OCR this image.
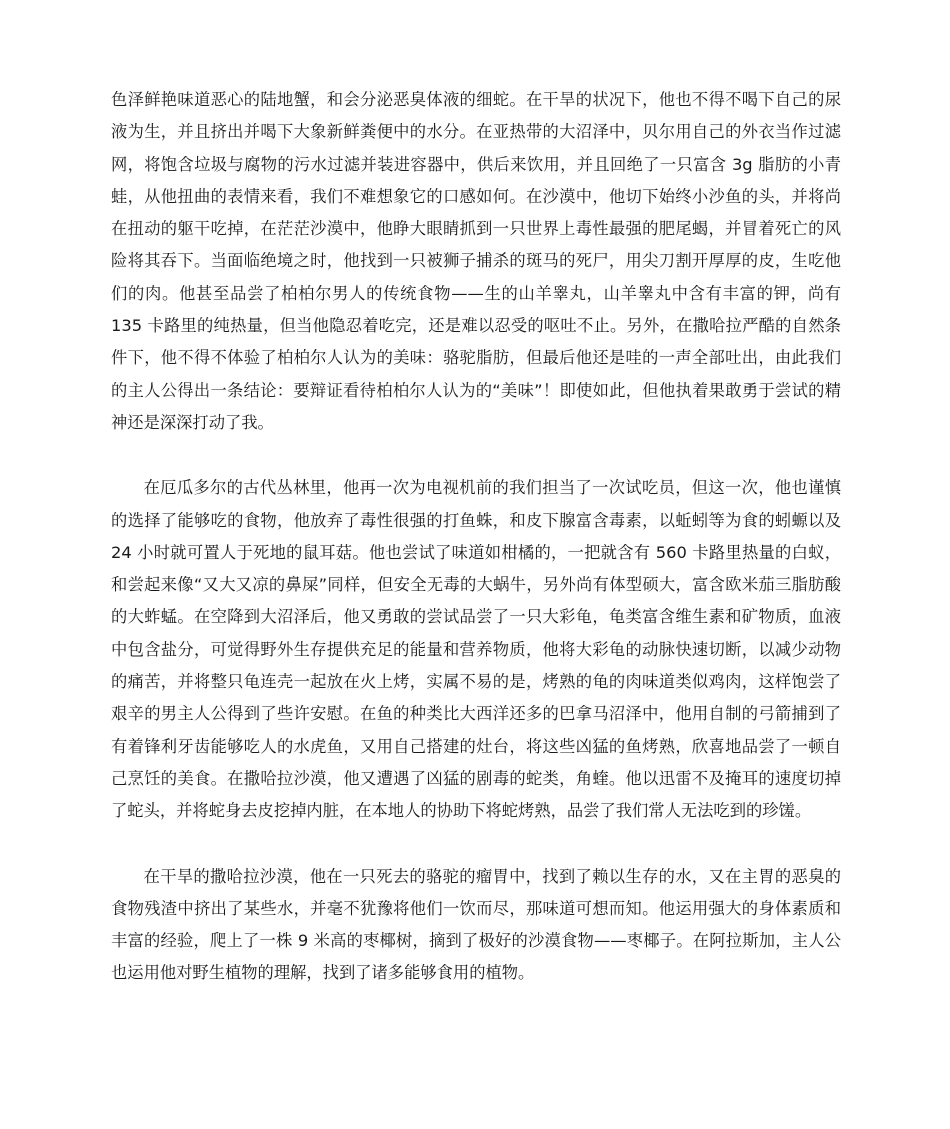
色泽鲜艳味道恶心的陆地蟹，和会分泌恶臭体液的细蛇。在干旱的状况下，他也不得不喝下自己的尿液为生，并且挤出并喝下大象新鲜粪便中的水分。在亚热带的大沼泽中，贝尔用自己的外衣当作过滤网，将饱含垃圾与腐物的污水过滤并装进容器中，供后来饮用，并且回绝了一只富含 3g 脂肪的小青蛙，从他扭曲的表情来看，我们不难想象它的口感如何。在沙漠中，他切下始终小沙鱼的头，并将尚在扭动的躯干吃掉，在茫茫沙漠中，他睁大眼睛抓到一只世界上毒性最强的肥尾蝎，并冒着死亡的风险将其吞下。当面临绝境之时，他找到一只被狮子捕杀的斑马的死尸，用尖刀割开厚厚的皮，生吃他们的肉。他甚至品尝了柏柏尔男人的传统食物——生的山羊睾丸，山羊睾丸中含有丰富的钾，尚有 135 卡路里的纯热量，但当他隐忍着吃完，还是难以忍受的呕吐不止。另外，在撒哈拉严酷的自然条件下，他不得不体验了柏柏尔人认为的美味：骆驼脂肪，但最后他还是哇的一声全部吐出，由此我们的主人公得出一条结论：要辩证看待柏柏尔人认为的“美味”！即使如此，但他执着果敢勇于尝试的精神还是深深打动了我。

在厄瓜多尔的古代丛林里，他再一次为电视机前的我们担当了一次试吃员，但这一次，他也谨慎的选择了能够吃的食物，他放弃了毒性很强的打鱼蛛，和皮下腺富含毒素，以蚯蚓等为食的蚓螈以及 24 小时就可置人于死地的鼠耳菇。他也尝试了味道如柑橘的，一把就含有 560 卡路里热量的白蚁，和尝起来像“又大又凉的鼻屎”同样，但安全无毒的大蜗牛，另外尚有体型硕大，富含欧米茄三脂肪酸的大蚱蜢。在空降到大沼泽后，他又勇敢的尝试品尝了一只大彩龟，龟类富含维生素和矿物质，血液中包含盐分，可觉得野外生存提供充足的能量和营养物质，他将大彩龟的动脉快速切断，以减少动物的痛苦，并将整只龟连壳一起放在火上烤，实属不易的是，烤熟的龟的肉味道类似鸡肉，这样饱尝了艰辛的男主人公得到了些许安慰。在鱼的种类比大西洋还多的巴拿马沼泽中，他用自制的弓箭捕到了有着锋利牙齿能够吃人的水虎鱼，又用自己搭建的灶台，将这些凶猛的鱼烤熟，欣喜地品尝了一顿自己烹饪的美食。在撒哈拉沙漠，他又遭遇了凶猛的剧毒的蛇类，角蝰。他以迅雷不及掩耳的速度切掉了蛇头，并将蛇身去皮挖掉内脏，在本地人的协助下将蛇烤熟，品尝了我们常人无法吃到的珍馐。

在干旱的撒哈拉沙漠，他在一只死去的骆驼的瘤胃中，找到了赖以生存的水，又在主胃的恶臭的食物残渣中挤出了某些水，并毫不犹豫将他们一饮而尽，那味道可想而知。他运用强大的身体素质和丰富的经验，爬上了一株 9 米高的枣椰树，摘到了极好的沙漠食物——枣椰子。在阿拉斯加，主人公也运用他对野生植物的理解，找到了诸多能够食用的植物。
